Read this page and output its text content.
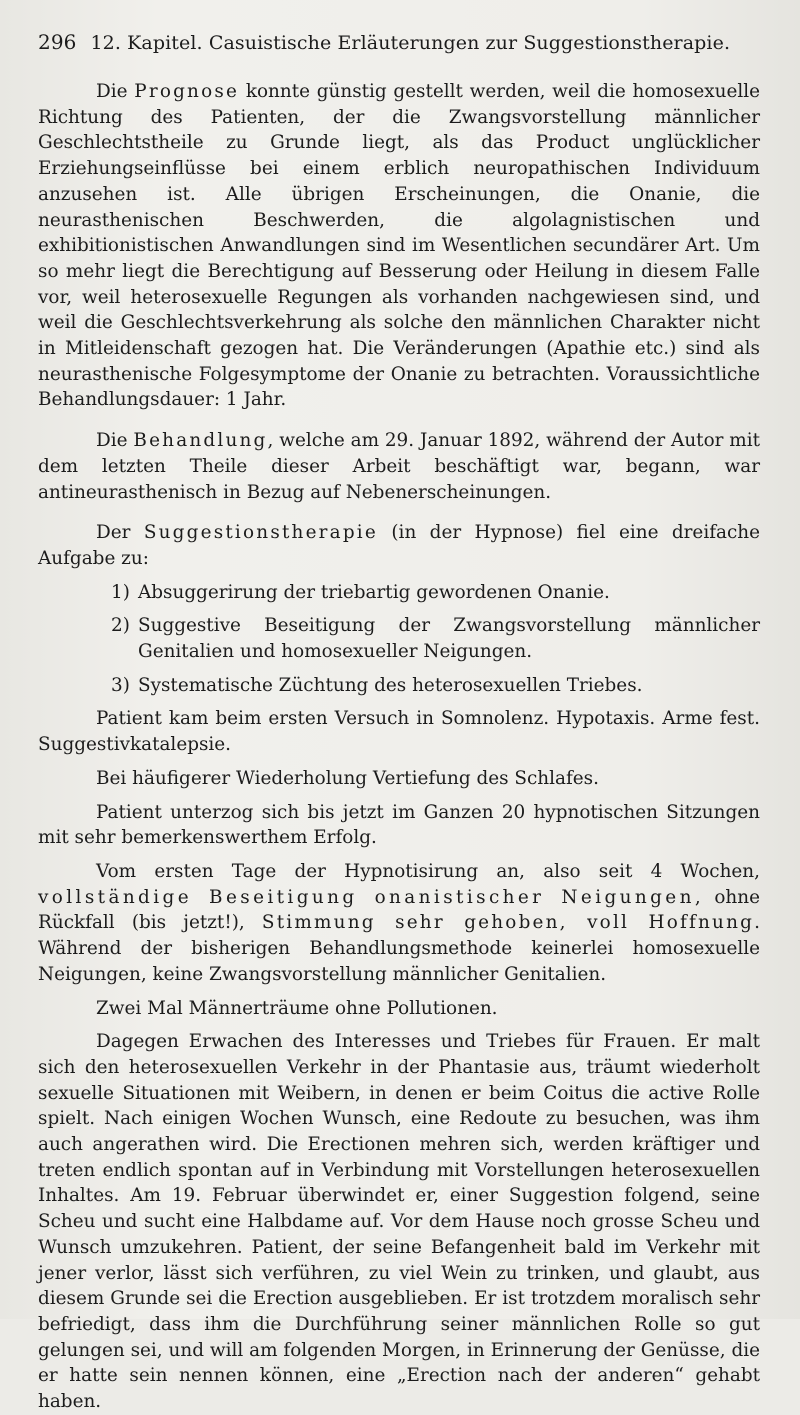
296 12. Kapitel. Casuistische Erläuterungen zur Suggestionstherapie.

Die Prognose konnte günstig gestellt werden, weil die homosexuelle Richtung des Patienten, der die Zwangsvorstellung männlicher Geschlechtstheile zu Grunde liegt, als das Product unglücklicher Erziehungseinflüsse bei einem erblich neuropathischen Individuum anzusehen ist. Alle übrigen Erscheinungen, die Onanie, die neurasthenischen Beschwerden, die algolagnistischen und exhibitionistischen Anwandlungen sind im Wesentlichen secundärer Art. Um so mehr liegt die Berechtigung auf Besserung oder Heilung in diesem Falle vor, weil heterosexuelle Regungen als vorhanden nachgewiesen sind, und weil die Geschlechtsverkehrung als solche den männlichen Charakter nicht in Mitleidenschaft gezogen hat. Die Veränderungen (Apathie etc.) sind als neurasthenische Folgesymptome der Onanie zu betrachten. Voraussichtliche Behandlungsdauer: 1 Jahr.

Die Behandlung, welche am 29. Januar 1892, während der Autor mit dem letzten Theile dieser Arbeit beschäftigt war, begann, war antineurasthenisch in Bezug auf Nebenerscheinungen.

Der Suggestionstherapie (in der Hypnose) fiel eine dreifache Aufgabe zu:

1) Absuggerirung der triebartig gewordenen Onanie.
2) Suggestive Beseitigung der Zwangsvorstellung männlicher Genitalien und homosexueller Neigungen.
3) Systematische Züchtung des heterosexuellen Triebes.

Patient kam beim ersten Versuch in Somnolenz. Hypotaxis. Arme fest. Suggestivkatalepsie.

Bei häufigerer Wiederholung Vertiefung des Schlafes.

Patient unterzog sich bis jetzt im Ganzen 20 hypnotischen Sitzungen mit sehr bemerkenswerthem Erfolg.

Vom ersten Tage der Hypnotisirung an, also seit 4 Wochen, vollständige Beseitigung onanistischer Neigungen, ohne Rückfall (bis jetzt!), Stimmung sehr gehoben, voll Hoffnung. Während der bisherigen Behandlungsmethode keinerlei homosexuelle Neigungen, keine Zwangsvorstellung männlicher Genitalien.

Zwei Mal Männerträume ohne Pollutionen.

Dagegen Erwachen des Interesses und Triebes für Frauen. Er malt sich den heterosexuellen Verkehr in der Phantasie aus, träumt wiederholt sexuelle Situationen mit Weibern, in denen er beim Coitus die active Rolle spielt. Nach einigen Wochen Wunsch, eine Redoute zu besuchen, was ihm auch angerathen wird. Die Erectionen mehren sich, werden kräftiger und treten endlich spontan auf in Verbindung mit Vorstellungen heterosexuellen Inhaltes. Am 19. Februar überwindet er, einer Suggestion folgend, seine Scheu und sucht eine Halbdame auf. Vor dem Hause noch grosse Scheu und Wunsch umzukehren. Patient, der seine Befangenheit bald im Verkehr mit jener verlor, lässt sich verführen, zu viel Wein zu trinken, und glaubt, aus diesem Grunde sei die Erection ausgeblieben. Er ist trotzdem moralisch sehr befriedigt, dass ihm die Durchführung seiner männlichen Rolle so gut gelungen sei, und will am folgenden Morgen, in Erinnerung der Genüsse, die er hatte sein nennen können, eine „Erection nach der anderen“ gehabt haben.
